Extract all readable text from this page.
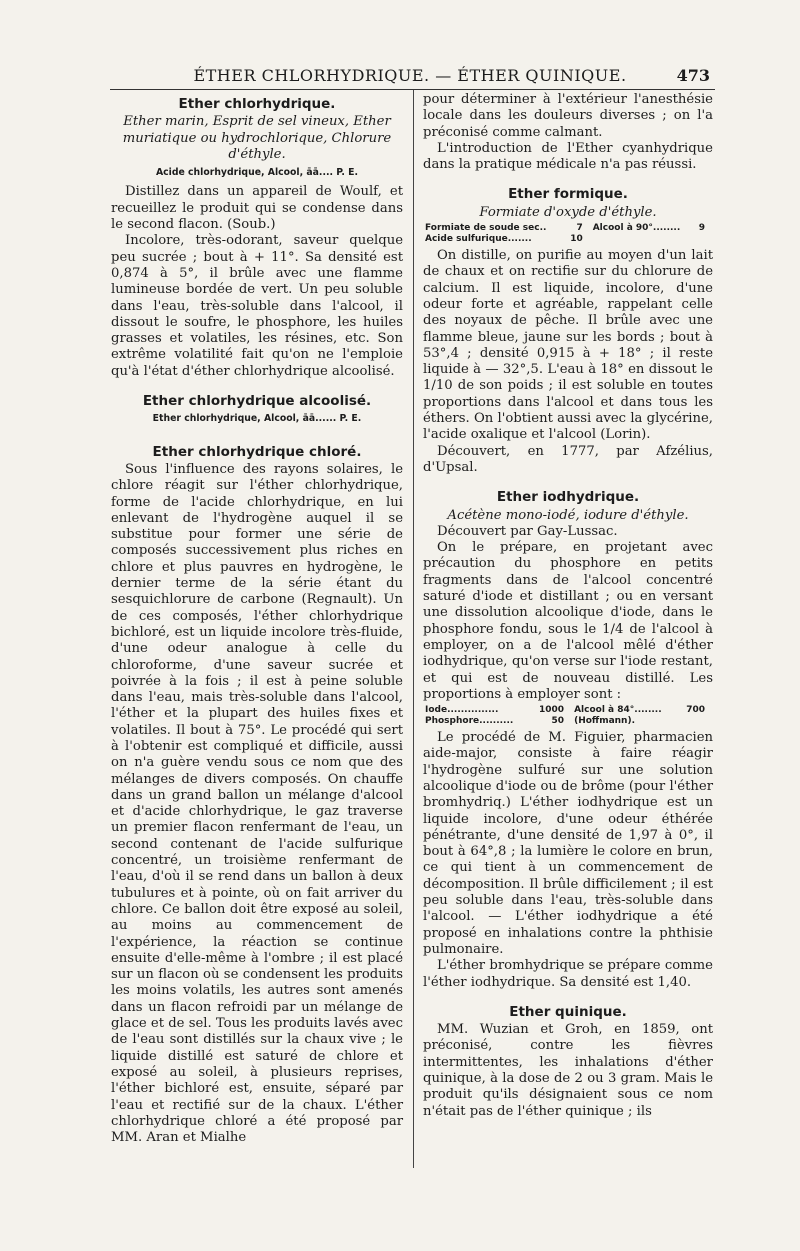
ÉTHER CHLORHYDRIQUE. — ÉTHER QUINIQUE.	473
Ether chlorhydrique.

Ether marin, Esprit de sel vineux, Ether muriatique ou hydrochlorique, Chlorure d'éthyle.

Acide chlorhydrique, Alcool, āā.... P. E.

Distillez dans un appareil de Woulf, et recueillez le produit qui se condense dans le second flacon. (Soub.)

Incolore, très-odorant, saveur quelque peu sucrée ; bout à + 11°. Sa densité est 0,874 à 5°, il brûle avec une flamme lumineuse bordée de vert. Un peu soluble dans l'eau, très-soluble dans l'alcool, il dissout le soufre, le phosphore, les huiles grasses et volatiles, les résines, etc. Son extrême volatilité fait qu'on ne l'emploie qu'à l'état d'éther chlorhydrique alcoolisé.

Ether chlorhydrique alcoolisé.
Ether chlorhydrique, Alcool, āā...... P. E.
Ether chlorhydrique chloré.

Sous l'influence des rayons solaires, le chlore réagit sur l'éther chlorhydrique, forme de l'acide chlorhydrique, en lui enlevant de l'hydrogène auquel il se substitue pour former une série de composés successivement plus riches en chlore et plus pauvres en hydrogène, le dernier terme de la série étant du sesquichlorure de carbone (Regnault). Un de ces composés, l'éther chlorhydrique bichloré, est un liquide incolore très-fluide, d'une odeur analogue à celle du chloroforme, d'une saveur sucrée et poivrée à la fois ; il est à peine soluble dans l'eau, mais très-soluble dans l'alcool, l'éther et la plupart des huiles fixes et volatiles. Il bout à 75°. Le procédé qui sert à l'obtenir est compliqué et difficile, aussi on n'a guère vendu sous ce nom que des mélanges de divers composés. On chauffe dans un grand ballon un mélange d'alcool et d'acide chlorhydrique, le gaz traverse un premier flacon renfermant de l'eau, un second contenant de l'acide sulfurique concentré, un troisième renfermant de l'eau, d'où il se rend dans un ballon à deux tubulures et à pointe, où on fait arriver du chlore. Ce ballon doit être exposé au soleil, au moins au commencement de l'expérience, la réaction se continue ensuite d'elle-même à l'ombre ; il est placé sur un flacon où se condensent les produits les moins volatils, les autres sont amenés dans un flacon refroidi par un mélange de glace et de sel. Tous les produits lavés avec de l'eau sont distillés sur la chaux vive ; le liquide distillé est saturé de chlore et exposé au soleil, à plusieurs reprises, l'éther bichloré est, ensuite, séparé par l'eau et rectifié sur de la chaux. L'éther chlorhydrique chloré a été proposé par MM. Aran et Mialhe

pour déterminer à l'extérieur l'anesthésie locale dans les douleurs diverses ; on l'a préconisé comme calmant.

L'introduction de l'Ether cyanhydrique dans la pratique médicale n'a pas réussi.

Ether formique.

Formiate d'oxyde d'éthyle.

Formiate de soude sec..	7	Alcool à 90°........	9
Acide sulfurique.......	10		

On distille, on purifie au moyen d'un lait de chaux et on rectifie sur du chlorure de calcium. Il est liquide, incolore, d'une odeur forte et agréable, rappelant celle des noyaux de pêche. Il brûle avec une flamme bleue, jaune sur les bords ; bout à 53°,4 ; densité 0,915 à + 18° ; il reste liquide à — 32°,5. L'eau à 18° en dissout le 1/10 de son poids ; il est soluble en toutes proportions dans l'alcool et dans tous les éthers. On l'obtient aussi avec la glycérine, l'acide oxalique et l'alcool (Lorin).

Découvert, en 1777, par Afzélius, d'Upsal.

Ether iodhydrique.

Acétène mono-iodé, iodure d'éthyle.

Découvert par Gay-Lussac.

On le prépare, en projetant avec précaution du phosphore en petits fragments dans de l'alcool concentré saturé d'iode et distillant ; ou en versant une dissolution alcoolique d'iode, dans le phosphore fondu, sous le 1/4 de l'alcool à employer, on a de l'alcool mêlé d'éther iodhydrique, qu'on verse sur l'iode restant, et qui est de nouveau distillé. Les proportions à employer sont :

Iode...............	1000	Alcool à 84°........	700
Phosphore..........	50	(Hoffmann).	

Le procédé de M. Figuier, pharmacien aide-major, consiste à faire réagir l'hydrogène sulfuré sur une solution alcoolique d'iode ou de brôme (pour l'éther bromhydriq.) L'éther iodhydrique est un liquide incolore, d'une odeur éthérée pénétrante, d'une densité de 1,97 à 0°, il bout à 64°,8 ; la lumière le colore en brun, ce qui tient à un commencement de décomposition. Il brûle difficilement ; il est peu soluble dans l'eau, très-soluble dans l'alcool. — L'éther iodhydrique a été proposé en inhalations contre la phthisie pulmonaire.

L'éther bromhydrique se prépare comme l'éther iodhydrique. Sa densité est 1,40.

Ether quinique.

MM. Wuzian et Groh, en 1859, ont préconisé, contre les fièvres intermittentes, les inhalations d'éther quinique, à la dose de 2 ou 3 gram. Mais le produit qu'ils désignaient sous ce nom n'était pas de l'éther quinique ; ils
